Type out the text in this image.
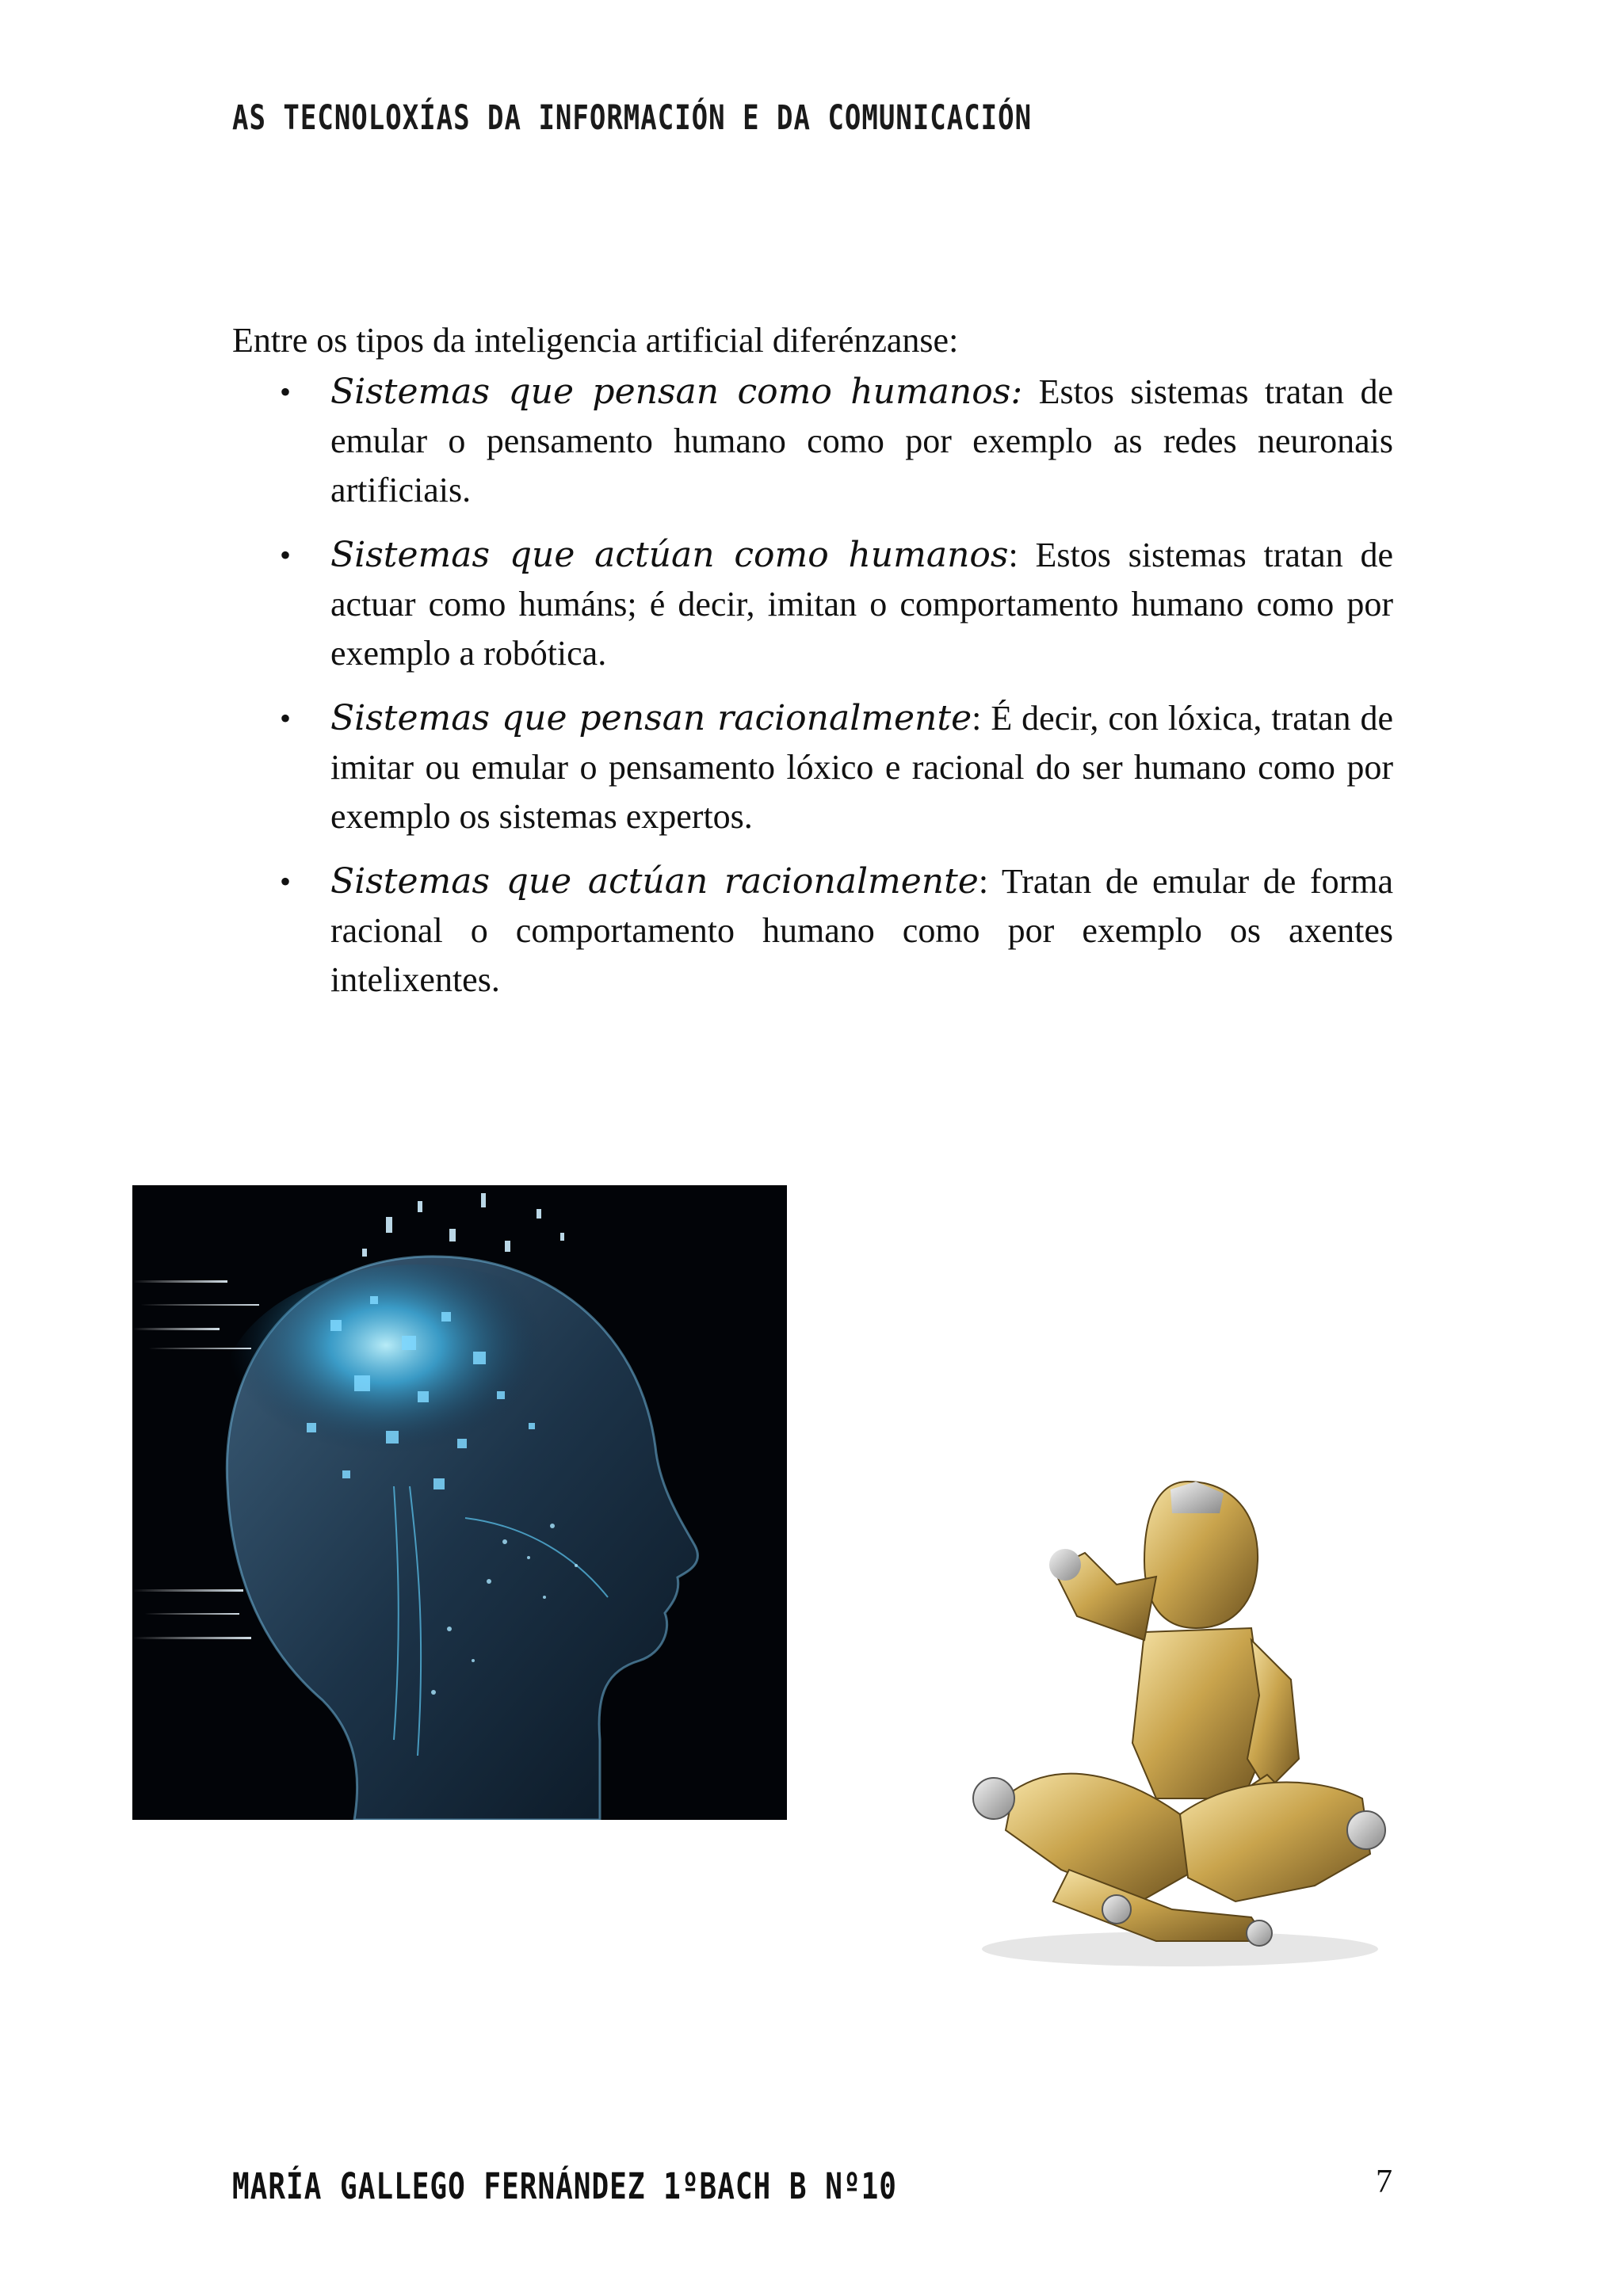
AS TECNOLOXÍAS DA INFORMACIÓN E DA COMUNICACIÓN

Entre os tipos da inteligencia artificial diferénzanse:

• Sistemas que pensan como humanos: Estos sistemas tratan de emular o pensamento humano como por exemplo as redes neuronais artificiais.
• Sistemas que actúan como humanos: Estos sistemas tratan de actuar como humáns; é decir, imitan o comportamento humano como por exemplo a robótica.
• Sistemas que pensan racionalmente: É decir, con lóxica, tratan de imitar ou emular o pensamento lóxico e racional do ser humano como por exemplo os sistemas expertos.
• Sistemas que actúan racionalmente: Tratan de emular de forma racional o comportamento humano como por exemplo os axentes intelixentes.
MARÍA GALLEGO FERNÁNDEZ 1ºBACH B Nº10	7
